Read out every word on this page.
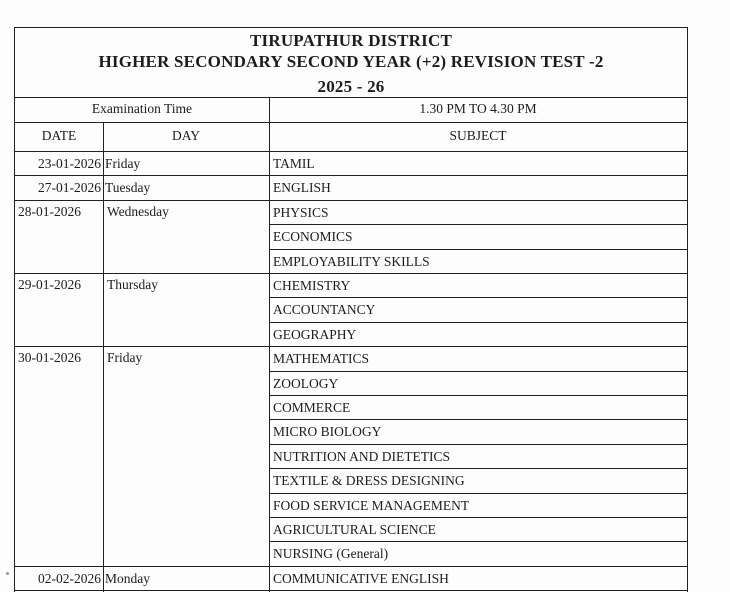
TIRUPATHUR DISTRICT
HIGHER SECONDARY SECOND YEAR (+2) REVISION TEST -2
2025 - 26
Examination Time	1.30 PM TO 4.30 PM
DATE	DAY	SUBJECT
23-01-2026 Friday	TAMIL
27-01-2026 Tuesday	ENGLISH
28-01-2026 Wednesday	PHYSICS
ECONOMICS
EMPLOYABILITY SKILLS
29-01-2026 Thursday	CHEMISTRY
ACCOUNTANCY
GEOGRAPHY
30-01-2026 Friday	MATHEMATICS
ZOOLOGY
COMMERCE
MICRO BIOLOGY
NUTRITION AND DIETETICS
TEXTILE & DRESS DESIGNING
FOOD SERVICE MANAGEMENT
AGRICULTURAL SCIENCE
NURSING (General)
02-02-2026 Monday	COMMUNICATIVE ENGLISH
